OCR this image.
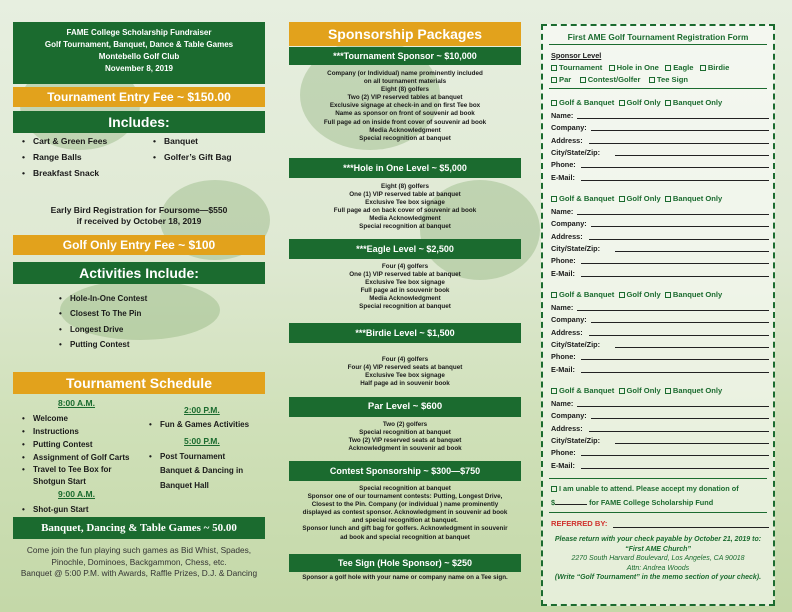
FAME College Scholarship Fundraiser
Golf Tournament, Banquet, Dance & Table Games
Montebello Golf Club
November 8, 2019
Tournament Entry Fee ~ $150.00
Includes:
• Cart & Green Fees
• Range Balls
• Breakfast Snack
• Banquet
• Golfer’s Gift Bag
Early Bird Registration for Foursome—$550
if received by October 18, 2019
Golf Only Entry Fee ~ $100
Activities Include:
• Hole-In-One Contest
• Closest To The Pin
• Longest Drive
• Putting Contest
Tournament Schedule
8:00 A.M.
• Welcome
• Instructions
• Putting Contest
• Assignment of Golf Carts
• Travel to Tee Box for
Shotgun Start
9:00 A.M.
• Shot-gun Start
2:00 P.M.
• Fun & Games Activities
5:00 P.M.
• Post Tournament
Banquet & Dancing in
Banquet Hall
Banquet, Dancing & Table Games ~ 50.00
Come join the fun playing such games as Bid Whist, Spades,
Pinochle, Dominoes, Backgammon, Chess, etc.
Banquet @ 5:00 P.M. with Awards, Raffle Prizes, D.J. & Dancing
Sponsorship Packages
***Tournament Sponsor ~ $10,000
Company (or Individual) name prominently included
on all tournament materials
Eight (8) golfers
Two (2) VIP reserved tables at banquet
Exclusive signage at check-in and on first Tee box
Name as sponsor on front of souvenir ad book
Full page ad on inside front cover of souvenir ad book
Media Acknowledgment
Special recognition at banquet
***Hole in One Level ~ $5,000
Eight (8) golfers
One (1) VIP reserved table at banquet
Exclusive Tee box signage
Full page ad on back cover of souvenir ad book
Media Acknowledgment
Special recognition at banquet
***Eagle Level ~ $2,500
Four (4) golfers
One (1) VIP reserved table at banquet
Exclusive Tee box signage
Full page ad in souvenir book
Media Acknowledgment
Special recognition at banquet
***Birdie Level ~ $1,500
Four (4) golfers
Four (4) VIP reserved seats at banquet
Exclusive Tee box signage
Half page ad in souvenir book
Par Level ~ $600
Two (2) golfers
Special recognition at banquet
Two (2) VIP reserved seats at banquet
Acknowledgment in souvenir ad book
Contest Sponsorship ~ $300—$750
Special recognition at banquet
Sponsor one of our tournament contests: Putting, Longest Drive,
Closest to the Pin. Company (or individual ) name prominently
displayed as contest sponsor. Acknowledgment in souvenir ad book
and special recognition at banquet.
Sponsor lunch and gift bag for golfers. Acknowledgment in souvenir
ad book and special recognition at banquet
Tee Sign (Hole Sponsor) ~ $250
Sponsor a golf hole with your name or company name on a Tee sign.
First AME Golf Tournament Registration Form
Sponsor Level
Tournament Hole in One Eagle Birdie
Par Contest/Golfer Tee Sign
Golf & Banquet Golf Only Banquet Only
Name:
Company:
Address:
City/State/Zip:
Phone:
E-Mail:
Golf & Banquet Golf Only Banquet Only
Name:
Company:
Address:
City/State/Zip:
Phone:
E-Mail:
Golf & Banquet Golf Only Banquet Only
Name:
Company:
Address:
City/State/Zip:
Phone:
E-Mail:
Golf & Banquet Golf Only Banquet Only
Name:
Company:
Address:
City/State/Zip:
Phone:
E-Mail:
I am unable to attend. Please accept my donation of
$	for FAME College Scholarship Fund
REFERRED BY:
Please return with your check payable by October 21, 2019 to:
“First AME Church”
2270 South Harvard Boulevard, Los Angeles, CA 90018
Attn: Andrea Woods
(Write “Golf Tournament” in the memo section of your check).
